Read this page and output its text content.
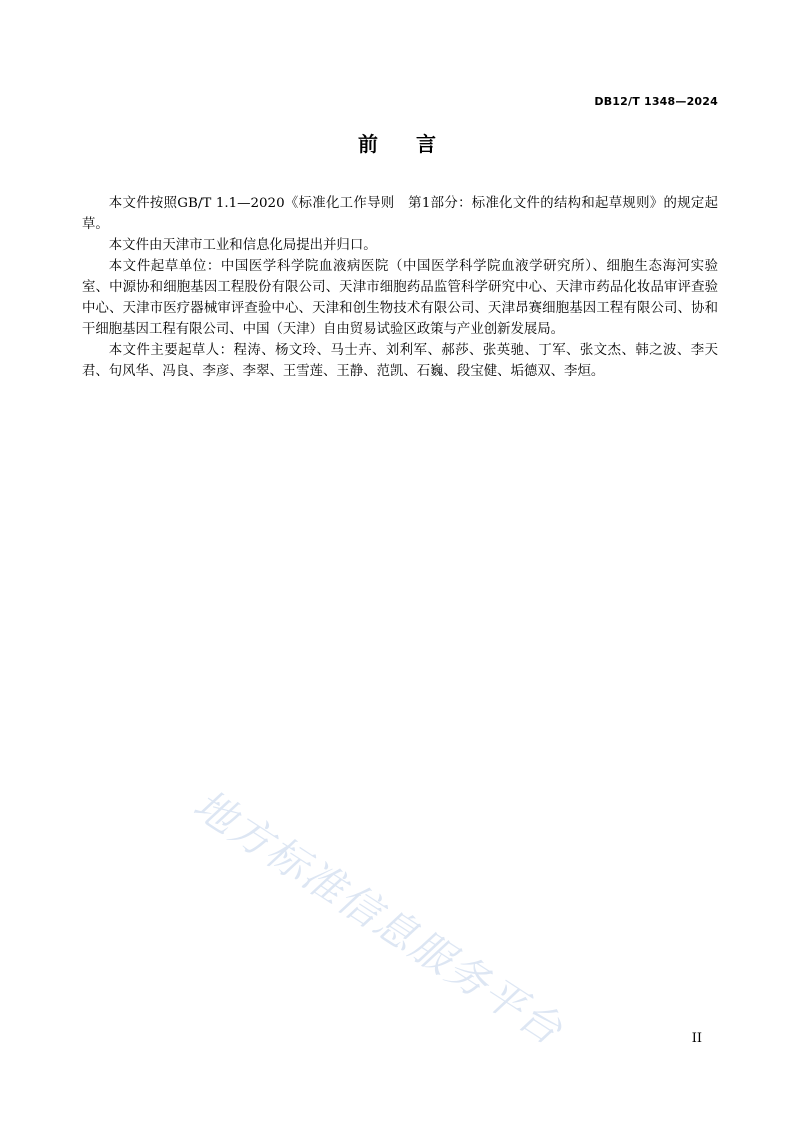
DB12/T 1348—2024
前言

本文件按照GB/T 1.1—2020《标准化工作导则　第1部分：标准化文件的结构和起草规则》的规定起草。

本文件由天津市工业和信息化局提出并归口。

本文件起草单位：中国医学科学院血液病医院（中国医学科学院血液学研究所）、细胞生态海河实验室、中源协和细胞基因工程股份有限公司、天津市细胞药品监管科学研究中心、天津市药品化妆品审评查验中心、天津市医疗器械审评查验中心、天津和创生物技术有限公司、天津昂赛细胞基因工程有限公司、协和干细胞基因工程有限公司、中国（天津）自由贸易试验区政策与产业创新发展局。

本文件主要起草人：程涛、杨文玲、马士卉、刘利军、郝莎、张英驰、丁军、张文杰、韩之波、李天君、句风华、冯良、李彦、李翠、王雪莲、王静、范凯、石巍、段宝健、垢德双、李烜。

地方标准信息服务平台	II
